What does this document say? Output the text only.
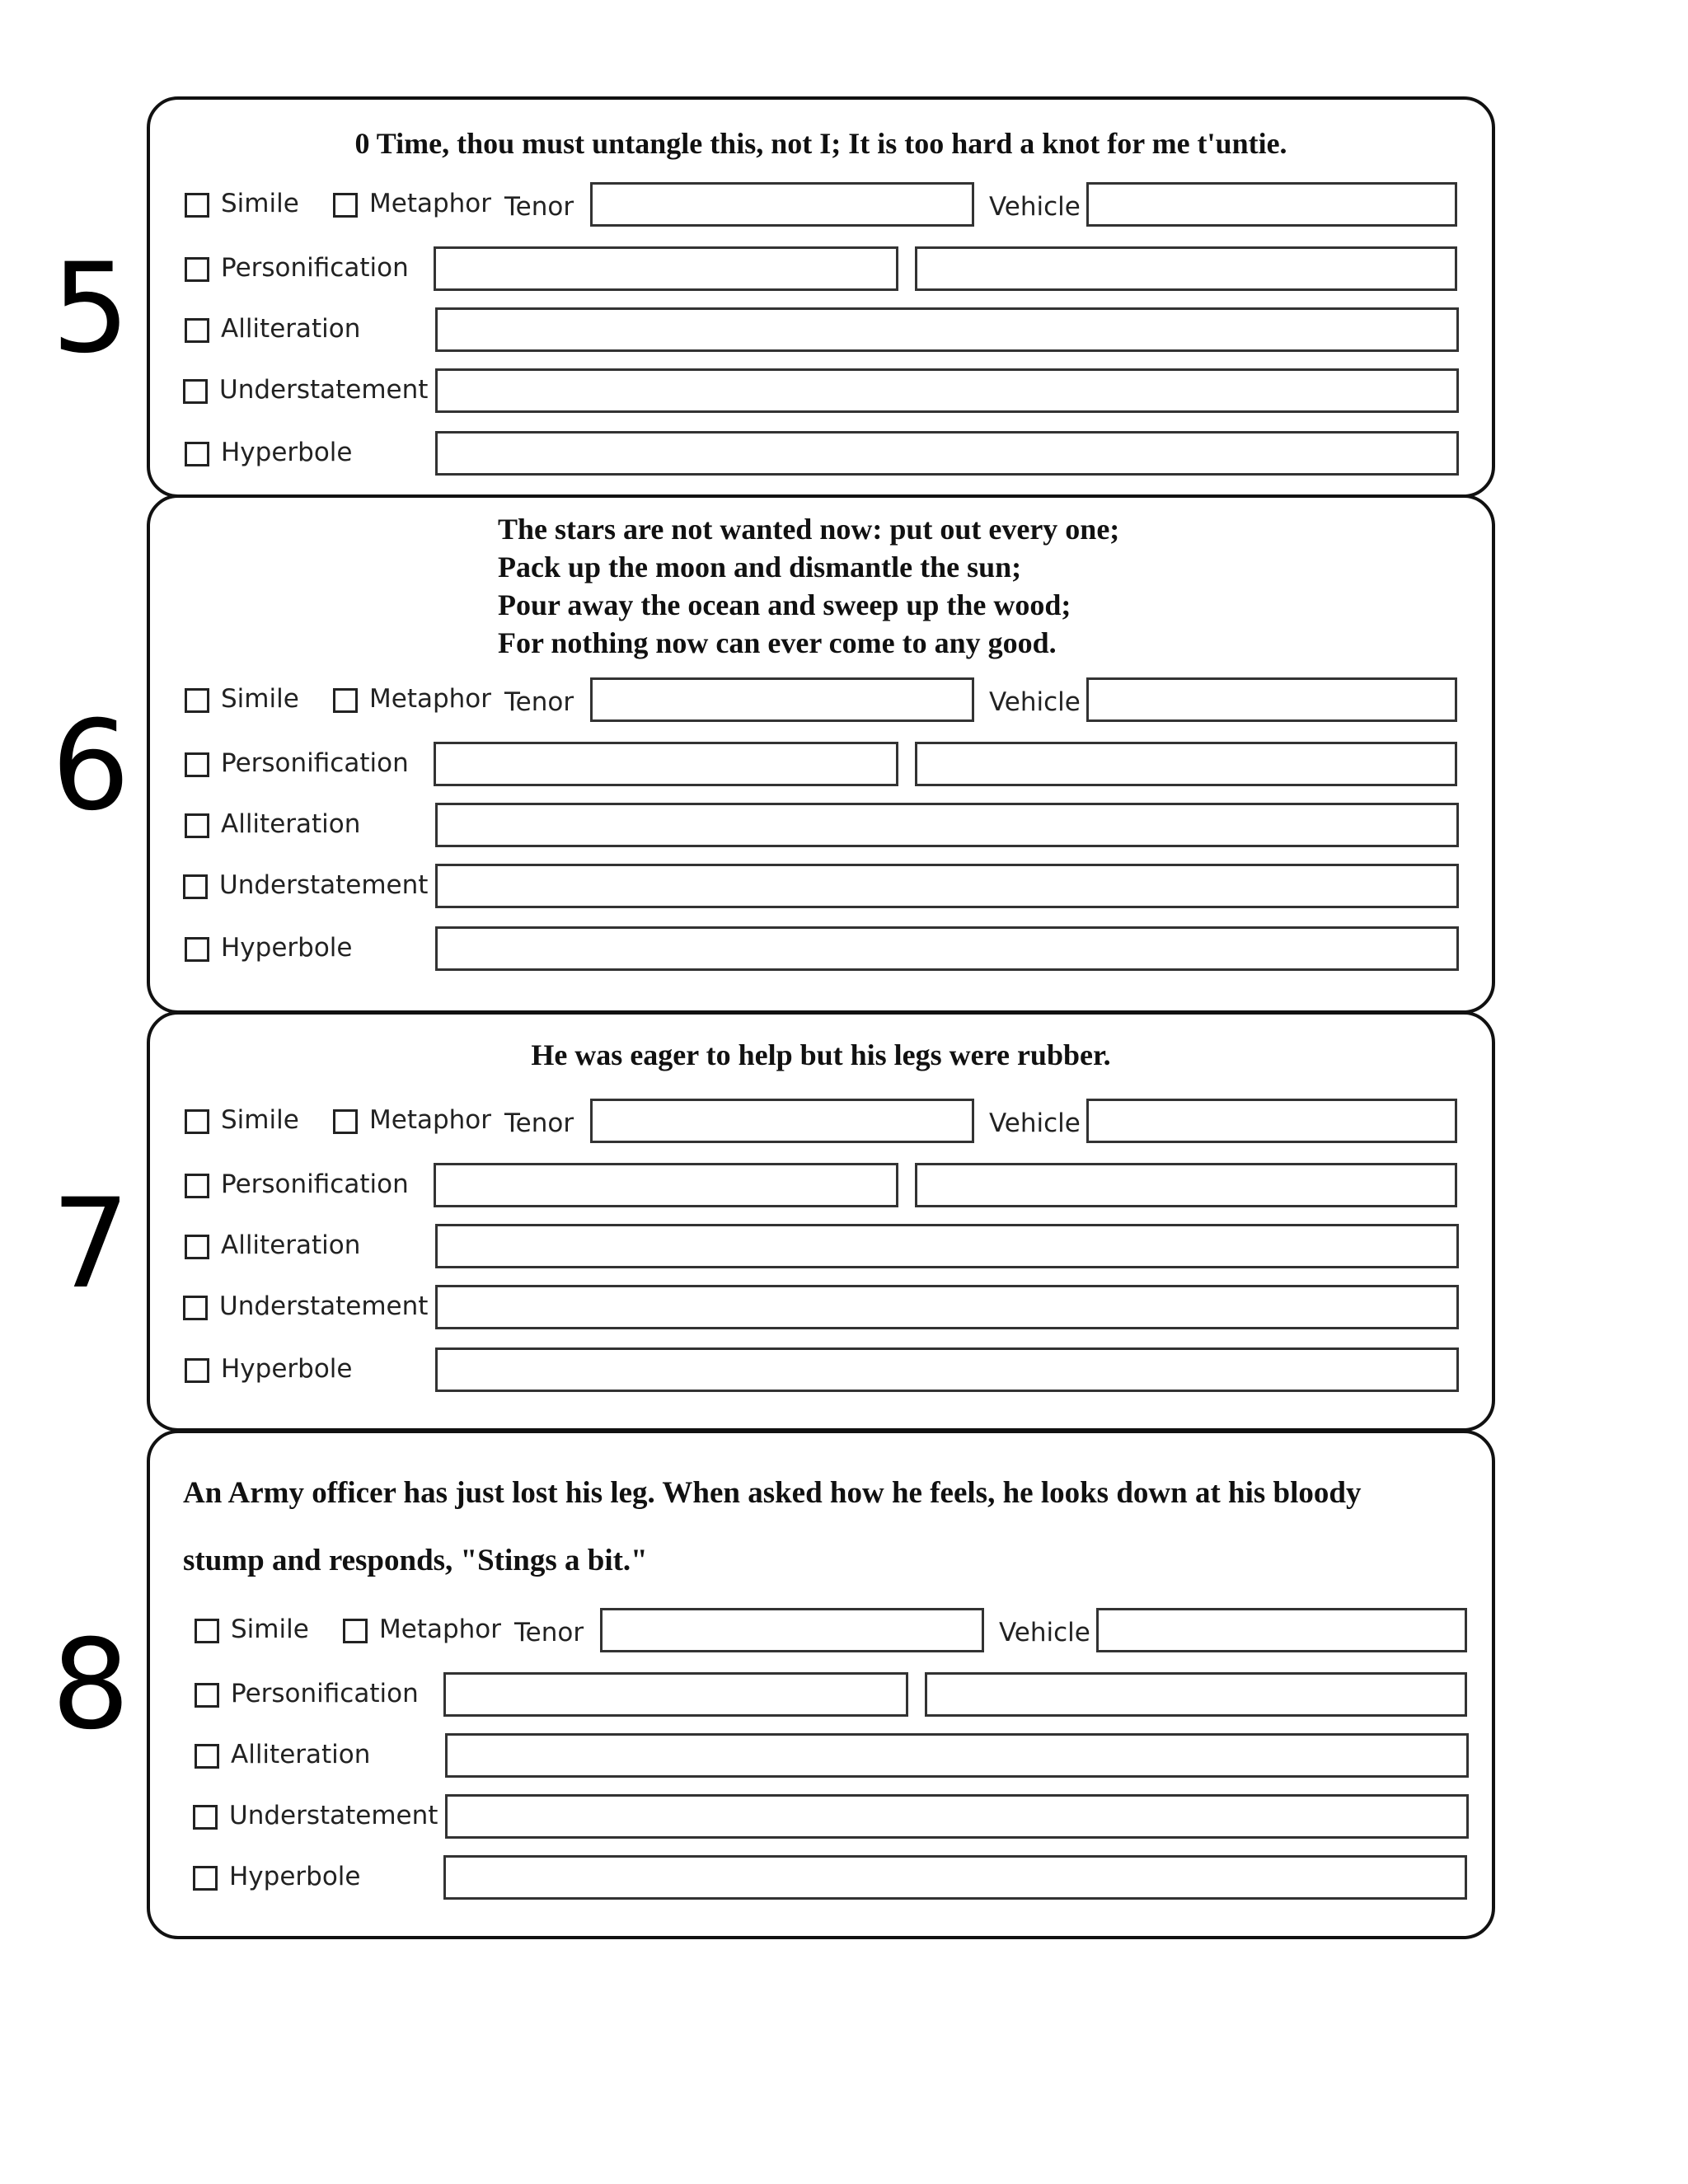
5
0 Time, thou must untangle this, not I; It is too hard a knot for me t'untie.
Simile	Metaphor Tenor	Vehicle
Personification
Alliteration
Understatement
Hyperbole
6
The stars are not wanted now: put out every one;
Pack up the moon and dismantle the sun;
Pour away the ocean and sweep up the wood;
For nothing now can ever come to any good.
Simile	Metaphor Tenor	Vehicle
Personification
Alliteration
Understatement
Hyperbole
7
He was eager to help but his legs were rubber.
Simile	Metaphor Tenor	Vehicle
Personification
Alliteration
Understatement
Hyperbole
8
An Army officer has just lost his leg. When asked how he feels, he looks down at his bloody
stump and responds, "Stings a bit."
Simile	Metaphor Tenor	Vehicle
Personification
Alliteration
Understatement
Hyperbole
